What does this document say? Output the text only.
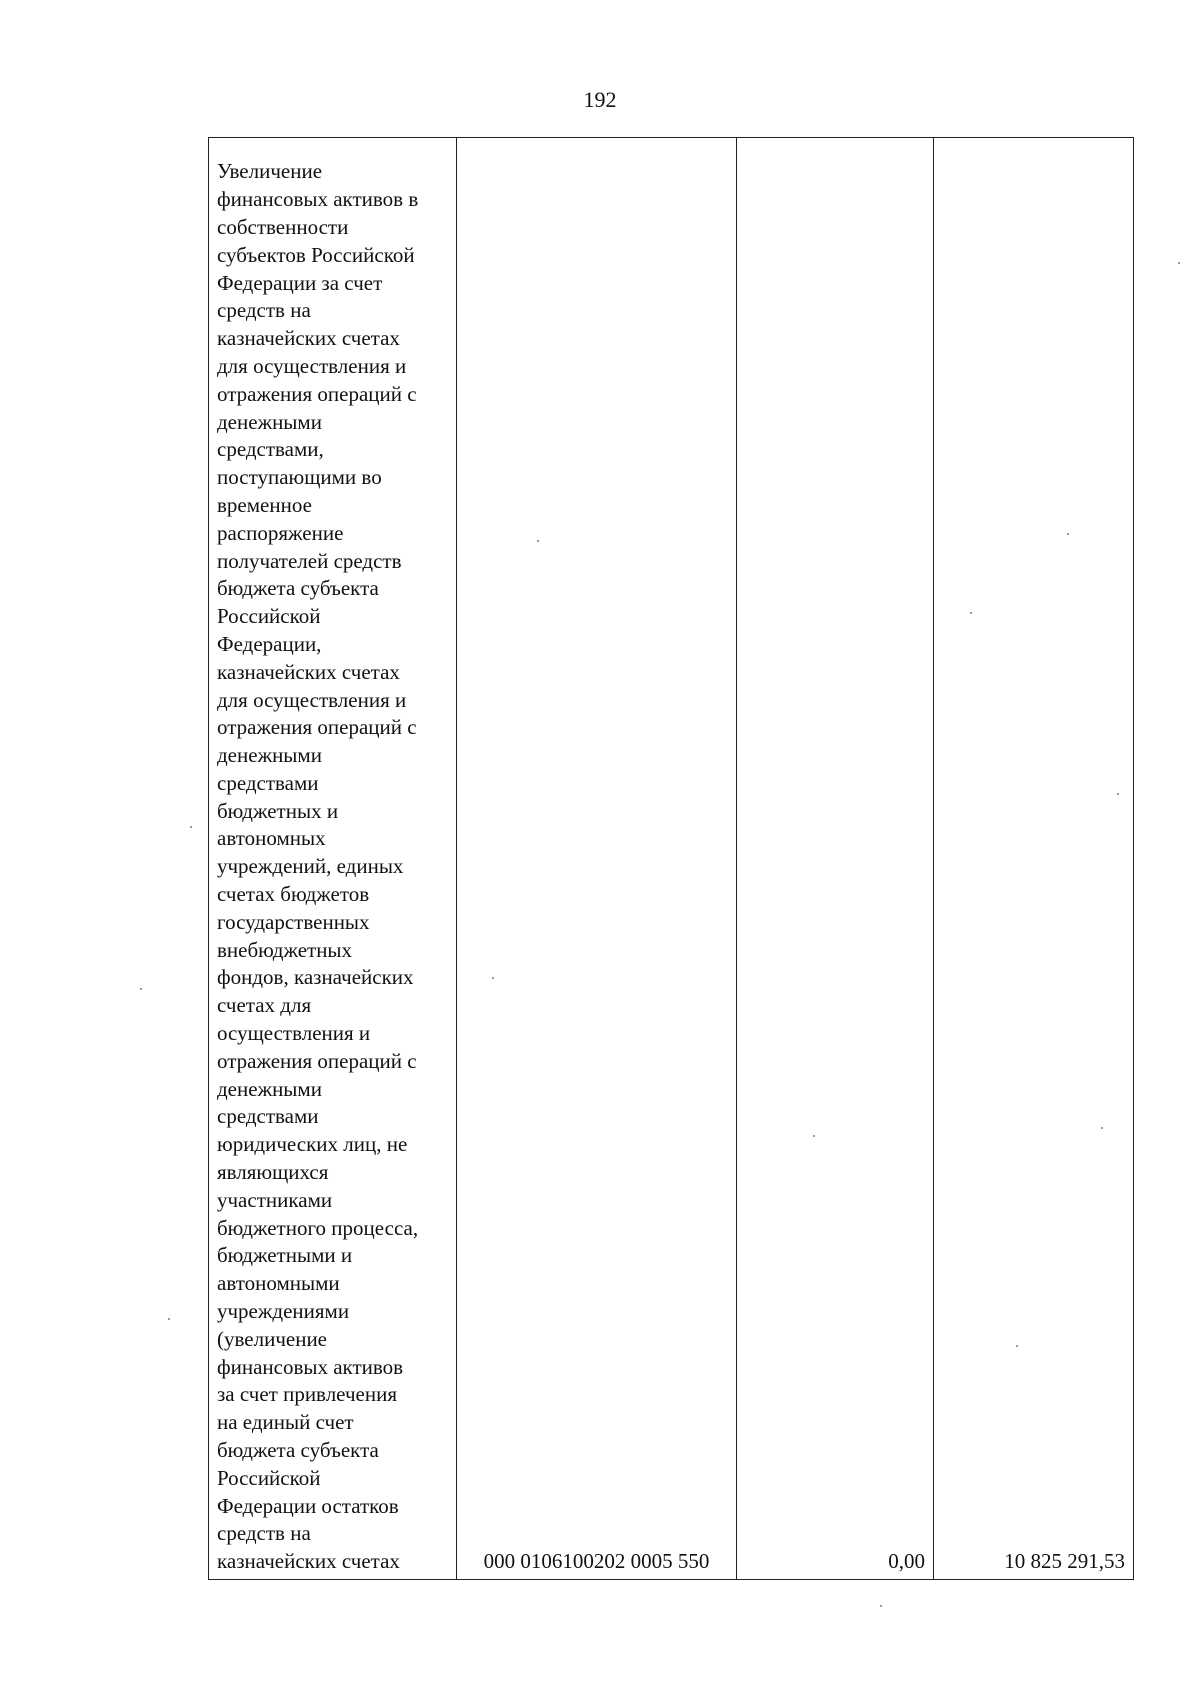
192
Увеличение
финансовых активов в
собственности
субъектов Российской
Федерации за счет
средств на
казначейских счетах
для осуществления и
отражения операций с
денежными
средствами,
поступающими во
временное
распоряжение
получателей средств
бюджета субъекта
Российской
Федерации,
казначейских счетах
для осуществления и
отражения операций с
денежными
средствами
бюджетных и
автономных
учреждений, единых
счетах бюджетов
государственных
внебюджетных
фондов, казначейских
счетах для
осуществления и
отражения операций с
денежными
средствами
юридических лиц, не
являющихся
участниками
бюджетного процесса,
бюджетными и
автономными
учреждениями
(увеличение
финансовых активов
за счет привлечения
на единый счет
бюджета субъекта
Российской
Федерации остатков
средств на
казначейских счетах	000 0106100202 0005 550	0,00	10 825 291,53
